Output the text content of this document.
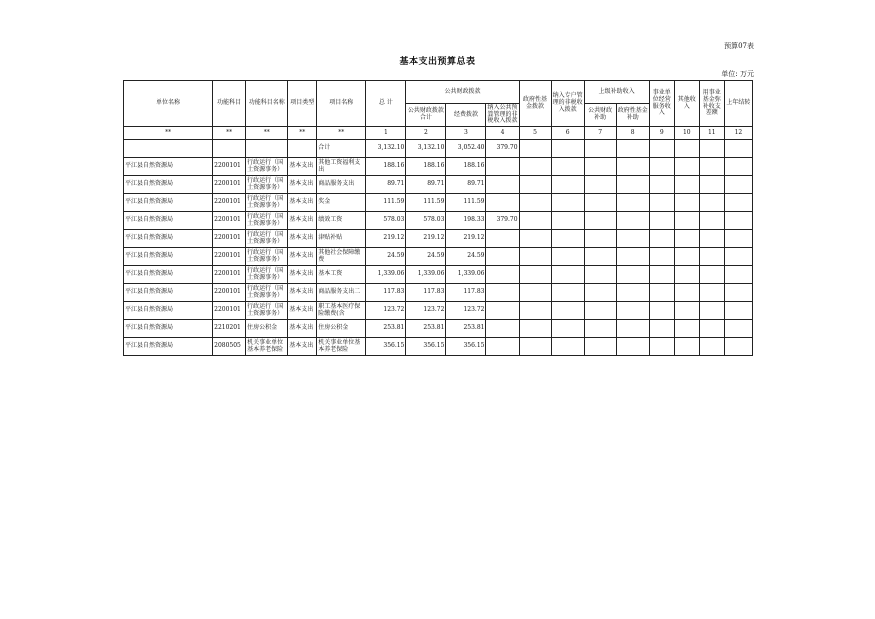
预算07表
基本支出预算总表
单位: 万元
单位名称	功能科目	功能科目名称	项目类型	项目名称	总 计	公共财政拨款			政府性基金拨款	纳入专户管理的非税收入拨款	上级补助收入		事业单位经营服务收入	其他收入	用事业基金弥补收支差额	上年结转
						公共财政拨款合计	经费拨款	纳入公共预算管理的非税收入拨款			公共财政补助	政府性基金补助				
**	**	**	**	**	1	2	3	4	5	6	7	8	9	10	11	12
				合计	3,132.10	3,132.10	3,052.40	379.70								
平江县自然资源局	2200101	行政运行（国土资源事务）	基本支出	其他工资福利支出	188.16	188.16	188.16									
平江县自然资源局	2200101	行政运行（国土资源事务）	基本支出	商品服务支出	89.71	89.71	89.71									
平江县自然资源局	2200101	行政运行（国土资源事务）	基本支出	奖金	111.59	111.59	111.59									
平江县自然资源局	2200101	行政运行（国土资源事务）	基本支出	绩效工资	578.03	578.03	198.33	379.70								
平江县自然资源局	2200101	行政运行（国土资源事务）	基本支出	津贴补贴	219.12	219.12	219.12									
平江县自然资源局	2200101	行政运行（国土资源事务）	基本支出	其他社会保障缴费	24.59	24.59	24.59									
平江县自然资源局	2200101	行政运行（国土资源事务）	基本支出	基本工资	1,339.06	1,339.06	1,339.06									
平江县自然资源局	2200101	行政运行（国土资源事务）	基本支出	商品服务支出二	117.83	117.83	117.83									
平江县自然资源局	2200101	行政运行（国土资源事务）	基本支出	职工基本医疗保险缴费(含	123.72	123.72	123.72									
平江县自然资源局	2210201	住房公积金	基本支出	住房公积金	253.81	253.81	253.81									
平江县自然资源局	2080505	机关事业单位基本养老保险	基本支出	机关事业单位基本养老保险	356.15	356.15	356.15									
